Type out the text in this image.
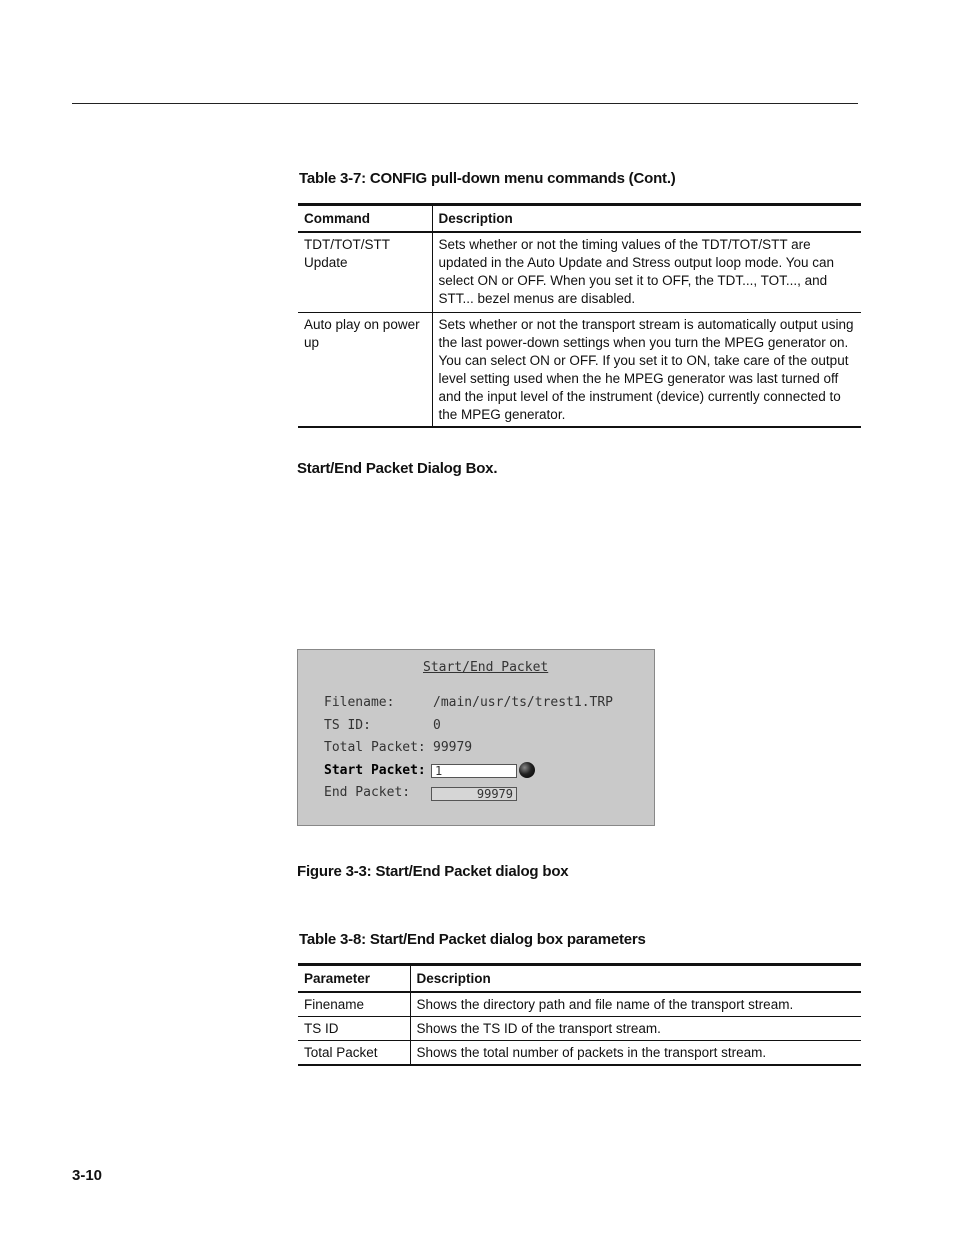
Table 3-7: CONFIG pull-down menu commands (Cont.)
Command	Description
TDT/TOT/STT Update	Sets whether or not the timing values of the TDT/TOT/STT are updated in the Auto Update and Stress output loop mode. You can select ON or OFF. When you set it to OFF, the TDT..., TOT..., and STT... bezel menus are disabled.
Auto play on power up	Sets whether or not the transport stream is automatically output using the last power-down settings when you turn the MPEG generator on. You can select ON or OFF. If you set it to ON, take care of the output level setting used when the he MPEG generator was last turned off and the input level of the instrument (device) currently connected to the MPEG generator.
Start/End Packet Dialog Box.
Start/End Packet
Filename:	/main/usr/ts/trest1.TRP
TS ID:	0
Total Packet: 99979
Start Packet: 1
End Packet:	99979
Figure 3-3: Start/End Packet dialog box
Table 3-8: Start/End Packet dialog box parameters
Parameter	Description
Finename	Shows the directory path and file name of the transport stream.
TS ID	Shows the TS ID of the transport stream.
Total Packet	Shows the total number of packets in the transport stream.
3-10
